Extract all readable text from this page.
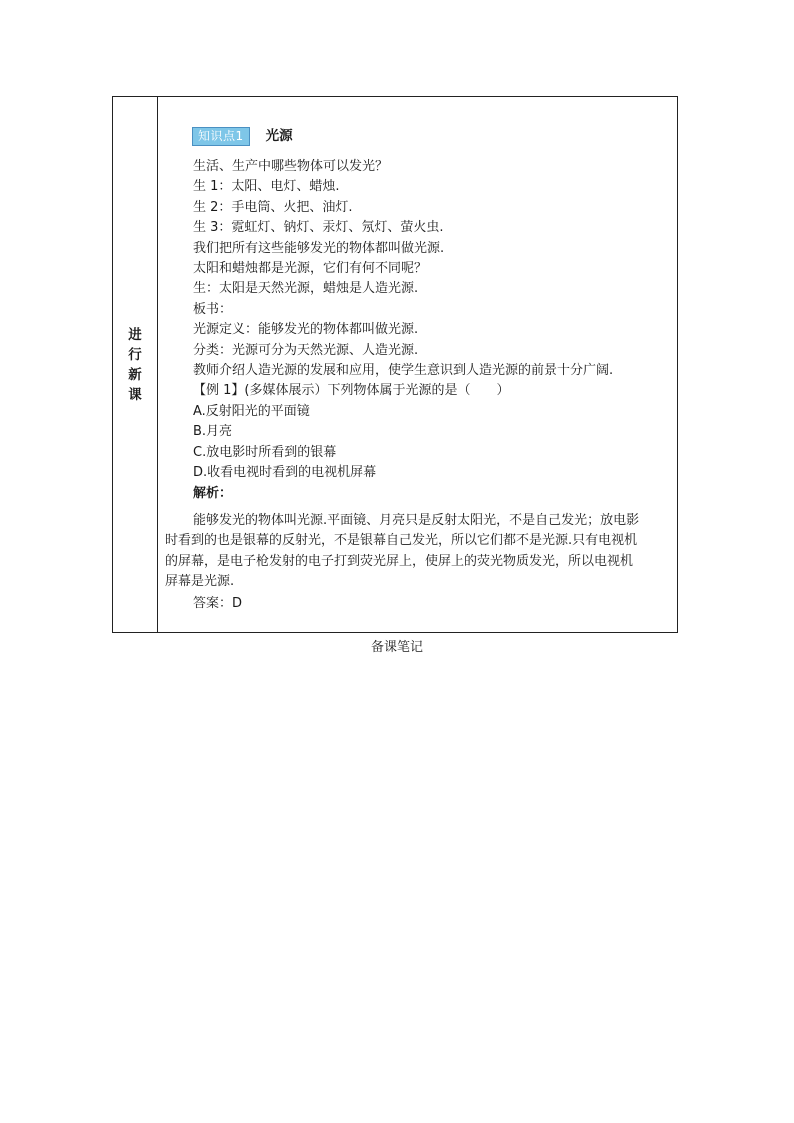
进
行
新
课
知识点1	光源
生活、生产中哪些物体可以发光？
生 1：太阳、电灯、蜡烛.
生 2：手电筒、火把、油灯.
生 3：霓虹灯、钠灯、汞灯、氖灯、萤火虫.
我们把所有这些能够发光的物体都叫做光源.
太阳和蜡烛都是光源，它们有何不同呢？
生：太阳是天然光源，蜡烛是人造光源.
板书：
光源定义：能够发光的物体都叫做光源.
分类：光源可分为天然光源、人造光源.
教师介绍人造光源的发展和应用，使学生意识到人造光源的前景十分广阔.
【例 1】(多媒体展示）下列物体属于光源的是（　　）
A.反射阳光的平面镜
B.月亮
C.放电影时所看到的银幕
D.收看电视时看到的电视机屏幕
解析：
能够发光的物体叫光源.平面镜、月亮只是反射太阳光，不是自己发光；放电影
时看到的也是银幕的反射光，不是银幕自己发光，所以它们都不是光源.只有电视机
的屏幕，是电子枪发射的电子打到荧光屏上，使屏上的荧光物质发光，所以电视机
屏幕是光源.
答案：D
备课笔记
